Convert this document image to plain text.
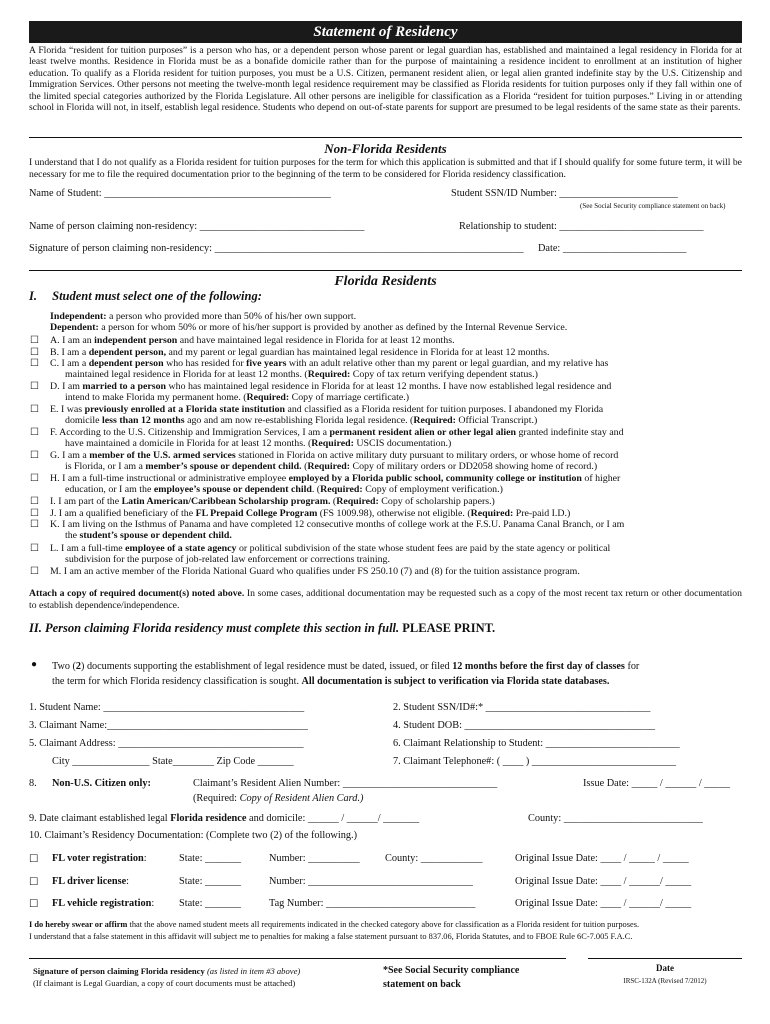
Statement of Residency
A Florida “resident for tuition purposes” is a person who has, or a dependent person whose parent or legal guardian has, established and maintained a legal residency in Florida for at least twelve months. Residence in Florida must be as a bonafide domicile rather than for the purpose of maintaining a residence incident to enrollment at an institution of higher education. To qualify as a Florida resident for tuition purposes, you must be a U.S. Citizen, permanent resident alien, or legal alien granted indefinite stay by the U.S. Citizenship and Immigration Services. Other persons not meeting the twelve-month legal residence requirement may be classified as Florida residents for tuition purposes only if they fall within one of the limited special categories authorized by the Florida Legislature. All other persons are ineligible for classification as a Florida “resident for tuition purposes.” Living in or attending school in Florida will not, in itself, establish legal residence. Students who depend on out-of-state parents for support are presumed to be legal residents of the same state as their parents.
Non-Florida Residents
I understand that I do not qualify as a Florida resident for tuition purposes for the term for which this application is submitted and that if I should qualify for some future term, it will be necessary for me to file the required documentation prior to the beginning of the term to be considered for Florida residency classification.
Name of Student: ____________________________________________	Student SSN/ID Number: _______________________
(See Social Security compliance statement on back)
Name of person claiming non-residency: ________________________________	Relationship to student: ____________________________
Signature of person claiming non-residency: ____________________________________________________________ Date: ________________________
Florida Residents
I. Student must select one of the following:
Independent: a person who provided more than 50% of his/her own support.
Dependent: a person for whom 50% or more of his/her support is provided by another as defined by the Internal Revenue Service.
☐ A. I am an independent person and have maintained legal residence in Florida for at least 12 months.
☐ B. I am a dependent person, and my parent or legal guardian has maintained legal residence in Florida for at least 12 months.
☐ C. I am a dependent person who has resided for five years with an adult relative other than my parent or legal guardian, and my relative has
maintained legal residence in Florida for at least 12 months. (Required: Copy of tax return verifying dependent status.)
☐ D. I am married to a person who has maintained legal residence in Florida for at least 12 months. I have now established legal residence and
intend to make Florida my permanent home. (Required: Copy of marriage certificate.)
☐ E. I was previously enrolled at a Florida state institution and classified as a Florida resident for tuition purposes. I abandoned my Florida
domicile less than 12 months ago and am now re-establishing Florida legal residence. (Required: Official Transcript.)
☐ F. According to the U.S. Citizenship and Immigration Services, I am a permanent resident alien or other legal alien granted indefinite stay and
have maintained a domicile in Florida for at least 12 months. (Required: USCIS documentation.)
☐ G. I am a member of the U.S. armed services stationed in Florida on active military duty pursuant to military orders, or whose home of record
is Florida, or I am a member’s spouse or dependent child. (Required: Copy of military orders or DD2058 showing home of record.)
☐ H. I am a full-time instructional or administrative employee employed by a Florida public school, community college or institution of higher
education, or I am the employee’s spouse or dependent child. (Required: Copy of employment verification.)
☐ I. I am part of the Latin American/Caribbean Scholarship program. (Required: Copy of scholarship papers.)
☐ J. I am a qualified beneficiary of the FL Prepaid College Program (FS 1009.98), otherwise not eligible. (Required: Pre-paid I.D.)
☐ K. I am living on the Isthmus of Panama and have completed 12 consecutive months of college work at the F.S.U. Panama Canal Branch, or I am
the student’s spouse or dependent child.
☐ L. I am a full-time employee of a state agency or political subdivision of the state whose student fees are paid by the state agency or political
subdivision for the purpose of job-related law enforcement or corrections training.
☐ M. I am an active member of the Florida National Guard who qualifies under FS 250.10 (7) and (8) for the tuition assistance program.
Attach a copy of required document(s) noted above. In some cases, additional documentation may be requested such as a copy of the most recent tax return or other documentation to establish dependence/independence.
II. Person claiming Florida residency must complete this section in full. PLEASE PRINT.
● Two (2) documents supporting the establishment of legal residence must be dated, issued, or filed 12 months before the first day of classes for
the term for which Florida residency classification is sought. All documentation is subject to verification via Florida state databases.
1. Student Name: _______________________________________	2. Student SSN/ID#:* ________________________________
3. Claimant Name:_______________________________________	4. Student DOB: _____________________________________
5. Claimant Address: ____________________________________	6. Claimant Relationship to Student: __________________________
City _______________ State________ Zip Code _______	7. Claimant Telephone#: ( ____ ) ____________________________
8. Non-U.S. Citizen only:	Claimant’s Resident Alien Number: ______________________________	Issue Date: _____ / ______ / _____
(Required: Copy of Resident Alien Card.)
9. Date claimant established legal Florida residence and domicile: ______ / ______/ _______	County: ___________________________
10. Claimant’s Residency Documentation: (Complete two (2) of the following.)
☐ FL voter registration:	State: _______	Number: __________ County: ____________	Original Issue Date: ____ / _____ / _____
☐ FL driver license:	State: _______	Number: ________________________________	Original Issue Date: ____ / ______/ _____
☐ FL vehicle registration: State: _______	Tag Number: _____________________________	Original Issue Date: ____ / ______/ _____
I do hereby swear or affirm that the above named student meets all requirements indicated in the checked category above for classification as a Florida resident for tuition purposes.
I understand that a false statement in this affidavit will subject me to penalties for making a false statement pursuant to 837.06, Florida Statutes, and to FBOE Rule 6C-7.005 F.A.C.
Signature of person claiming Florida residency (as listed in item #3 above)
(If claimant is Legal Guardian, a copy of court documents must be attached)
*See Social Security compliance statement on back
Date
IRSC-132A (Revised 7/2012)
